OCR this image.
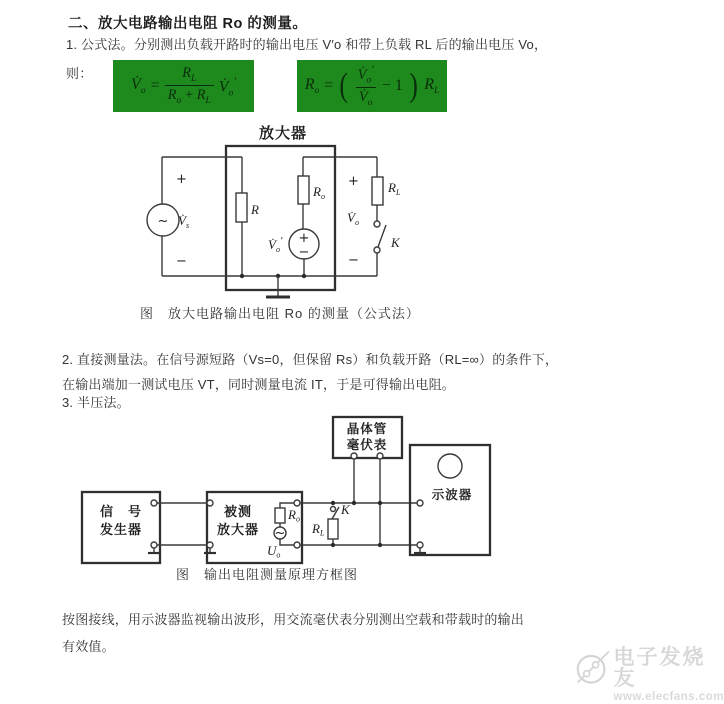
二、放大电路输出电阻 Ro 的测量。
1. 公式法。分别测出负载开路时的输出电压 V′o 和带上负载 RL 后的输出电压 Vo，
则：
$V̇_o = \frac{R_L}{R_o + R_L}$ $V̇_o'$	$R_o$ = ( $\frac{V̇_o'}{V̇_o} - 1$ ) $R_L$
放大器
~ $V̇_s$
+
−
R
$R_o$
+
−
$V̇_o'$
+
$V̇_o$
−
$R_L$
K
图　放大电路输出电阻 Ro 的测量（公式法）
2. 直接测量法。在信号源短路（Vs=0，但保留 Rs）和负载开路（RL=∞）的条件下，
在输出端加一测试电压 VT，同时测量电流 IT，于是可得输出电阻。
3. 半压法。
晶体管
毫伏表
信　号
发生器
被测
放大器 ~
Ro
Uo
K
RL
示波器
图　输出电阻测量原理方框图
按图接线，用示波器监视输出波形，用交流毫伏表分别测出空载和带载时的输出
有效值。	电子发烧友
www.elecfans.com
